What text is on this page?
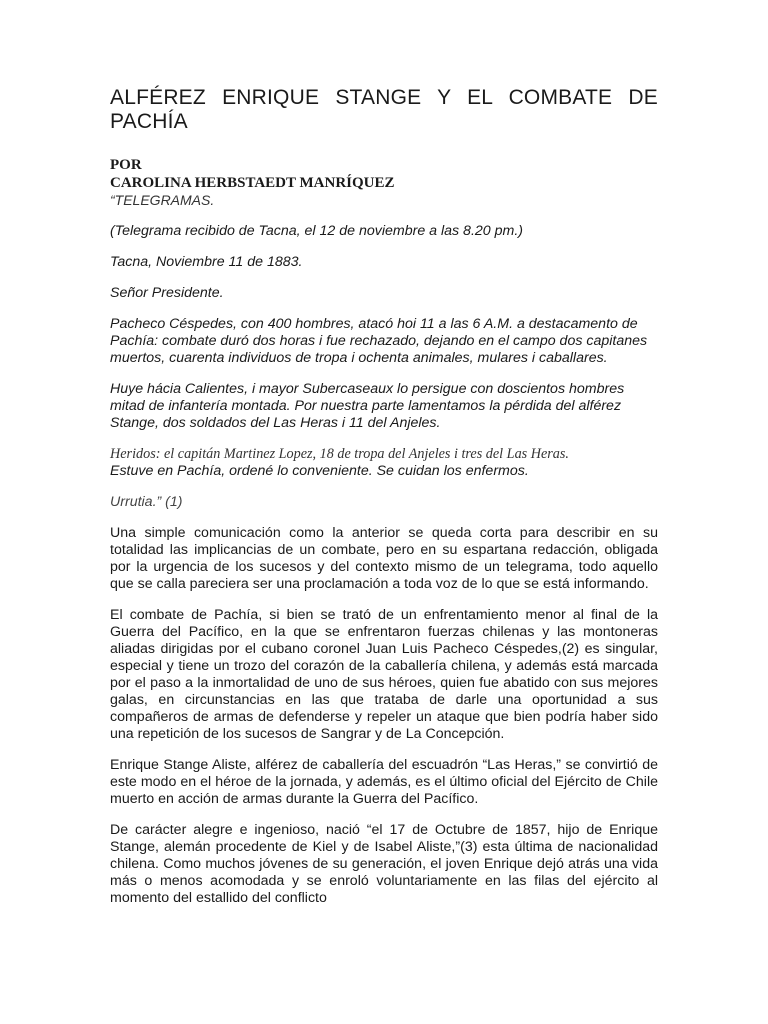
ALFÉREZ ENRIQUE STANGE Y EL COMBATE DE PACHÍA

POR

CAROLINA HERBSTAEDT MANRÍQUEZ

“TELEGRAMAS.

(Telegrama recibido de Tacna, el 12 de noviembre a las 8.20 pm.)

Tacna, Noviembre 11 de 1883.

Señor Presidente.

Pacheco Céspedes, con 400 hombres, atacó hoi 11 a las 6 A.M. a destacamento de Pachía: combate duró dos horas i fue rechazado, dejando en el campo dos capitanes muertos, cuarenta individuos de tropa i ochenta animales, mulares i caballares.

Huye hácia Calientes, i mayor Subercaseaux lo persigue con doscientos hombres mitad de infantería montada. Por nuestra parte lamentamos la pérdida del alférez Stange, dos soldados del Las Heras i 11 del Anjeles.

Heridos: el capitán Martinez Lopez, 18 de tropa del Anjeles i tres del Las Heras.

Estuve en Pachía, ordené lo conveniente. Se cuidan los enfermos.

Urrutia.” (1)

Una simple comunicación como la anterior se queda corta para describir en su totalidad las implicancias de un combate, pero en su espartana redacción, obligada por la urgencia de los sucesos y del contexto mismo de un telegrama, todo aquello que se calla pareciera ser una proclamación a toda voz de lo que se está informando.

El combate de Pachía, si bien se trató de un enfrentamiento menor al final de la Guerra del Pacífico, en la que se enfrentaron fuerzas chilenas y las montoneras aliadas dirigidas por el cubano coronel Juan Luis Pacheco Céspedes,(2) es singular, especial y tiene un trozo del corazón de la caballería chilena, y además está marcada por el paso a la inmortalidad de uno de sus héroes, quien fue abatido con sus mejores galas, en circunstancias en las que trataba de darle una oportunidad a sus compañeros de armas de defenderse y repeler un ataque que bien podría haber sido una repetición de los sucesos de Sangrar y de La Concepción.

Enrique Stange Aliste, alférez de caballería del escuadrón “Las Heras,” se convirtió de este modo en el héroe de la jornada, y además, es el último oficial del Ejército de Chile muerto en acción de armas durante la Guerra del Pacífico.

De carácter alegre e ingenioso, nació “el 17 de Octubre de 1857, hijo de Enrique Stange, alemán procedente de Kiel y de Isabel Aliste,”(3) esta última de nacionalidad chilena. Como muchos jóvenes de su generación, el joven Enrique dejó atrás una vida más o menos acomodada y se enroló voluntariamente en las filas del ejército al momento del estallido del conflicto
